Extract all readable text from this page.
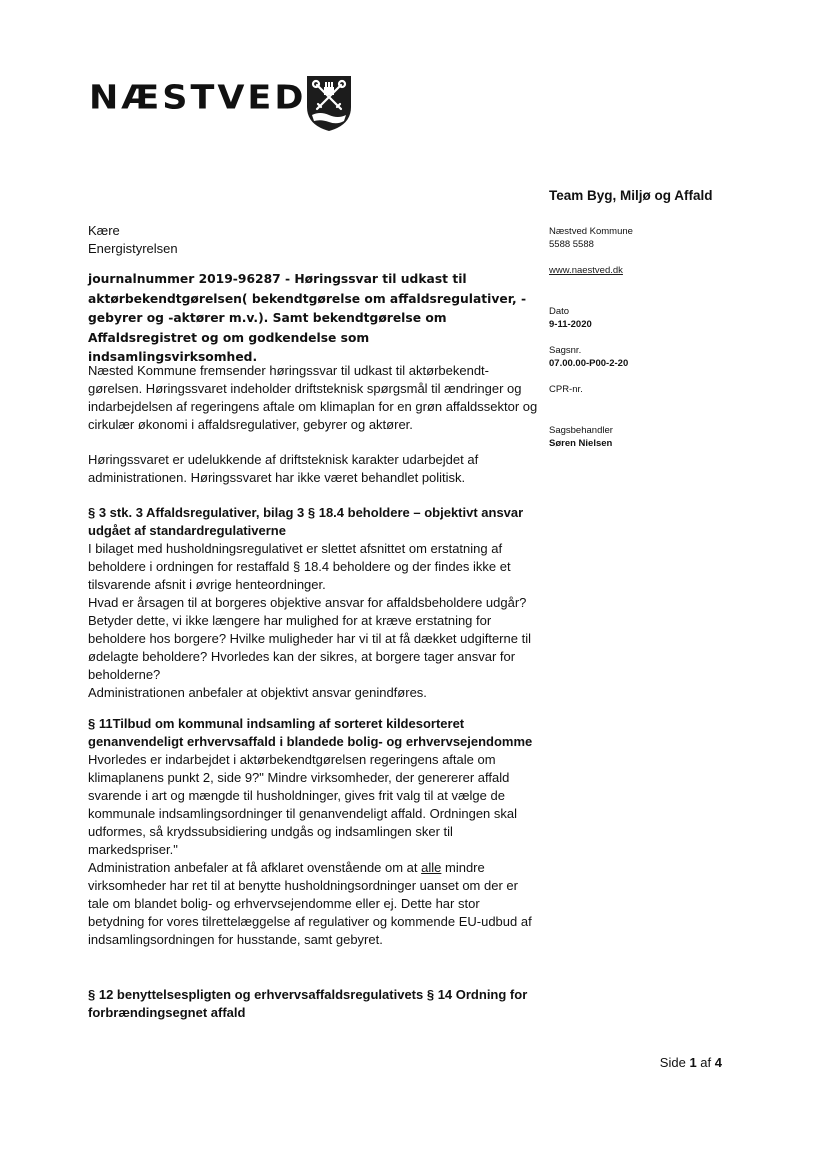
NÆSTVED
Team Byg, Miljø og Affald
Næstved Kommune
5588 5588
www.naestved.dk
Dato
9-11-2020
Sagsnr.
07.00.00-P00-2-20
CPR-nr.
Sagsbehandler
Søren Nielsen
Kære
Energistyrelsen
journalnummer 2019-96287 - Høringssvar til udkast til aktørbekendtgørelsen( bekendtgørelse om affaldsregulativer, - gebyrer og -aktører m.v.). Samt bekendtgørelse om Affaldsregistret og om godkendelse som indsamlingsvirksomhed.

Næsted Kommune fremsender høringssvar til udkast til aktørbekendt-gørelsen. Høringssvaret indeholder driftsteknisk spørgsmål til ændringer og indarbejdelsen af regeringens aftale om klimaplan for en grøn affaldssektor og cirkulær økonomi i affaldsregulativer, gebyrer og aktører.

Høringssvaret er udelukkende af driftsteknisk karakter udarbejdet af administrationen. Høringssvaret har ikke været behandlet politisk.

§ 3 stk. 3 Affaldsregulativer, bilag 3 § 18.4 beholdere – objektivt ansvar udgået af standardregulativerne

I bilaget med husholdningsregulativet er slettet afsnittet om erstatning af beholdere i ordningen for restaffald § 18.4 beholdere og der findes ikke et tilsvarende afsnit i øvrige henteordninger.

Hvad er årsagen til at borgeres objektive ansvar for affaldsbeholdere udgår? Betyder dette, vi ikke længere har mulighed for at kræve erstatning for beholdere hos borgere? Hvilke muligheder har vi til at få dækket udgifterne til ødelagte beholdere? Hvorledes kan der sikres, at borgere tager ansvar for beholderne?

Administrationen anbefaler at objektivt ansvar genindføres.

§ 11Tilbud om kommunal indsamling af sorteret kildesorteret genanvendeligt erhvervsaffald i blandede bolig- og erhvervsejendomme

Hvorledes er indarbejdet i aktørbekendtgørelsen regeringens aftale om klimaplanens punkt 2, side 9?" Mindre virksomheder, der genererer affald svarende i art og mængde til husholdninger, gives frit valg til at vælge de kommunale indsamlingsordninger til genanvendeligt affald. Ordningen skal udformes, så krydssubsidiering undgås og indsamlingen sker til markedspriser."

Administration anbefaler at få afklaret ovenstående om at alle mindre virksomheder har ret til at benytte husholdningsordninger uanset om der er tale om blandet bolig- og erhvervsejendomme eller ej. Dette har stor betydning for vores tilrettelæggelse af regulativer og kommende EU-udbud af indsamlingsordningen for husstande, samt gebyret.

§ 12 benyttelsespligten og erhvervsaffaldsregulativets § 14 Ordning for forbrændingsegnet affald

Side 1 af 4
